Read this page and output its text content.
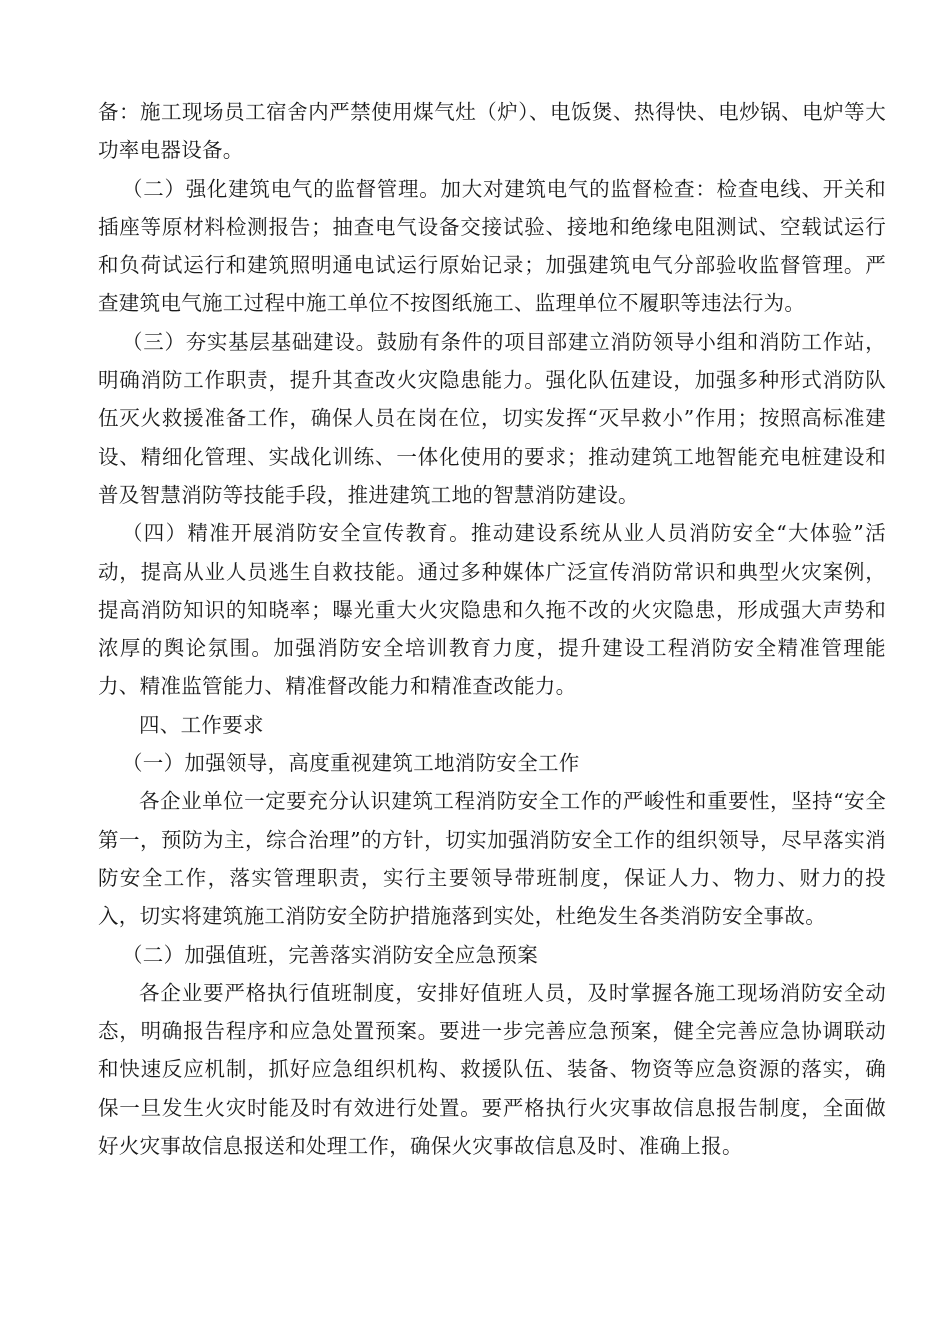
备：施工现场员工宿舍内严禁使用煤气灶（炉）、电饭煲、热得快、电炒锅、电炉等大功率电器设备。

（二）强化建筑电气的监督管理。加大对建筑电气的监督检查：检查电线、开关和插座等原材料检测报告；抽查电气设备交接试验、接地和绝缘电阻测试、空载试运行和负荷试运行和建筑照明通电试运行原始记录；加强建筑电气分部验收监督管理。严查建筑电气施工过程中施工单位不按图纸施工、监理单位不履职等违法行为。

（三）夯实基层基础建设。鼓励有条件的项目部建立消防领导小组和消防工作站，明确消防工作职责，提升其查改火灾隐患能力。强化队伍建设，加强多种形式消防队伍灭火救援准备工作，确保人员在岗在位，切实发挥“灭早救小”作用；按照高标准建设、精细化管理、实战化训练、一体化使用的要求；推动建筑工地智能充电桩建设和普及智慧消防等技能手段，推进建筑工地的智慧消防建设。

（四）精准开展消防安全宣传教育。推动建设系统从业人员消防安全“大体验”活动，提高从业人员逃生自救技能。通过多种媒体广泛宣传消防常识和典型火灾案例，提高消防知识的知晓率；曝光重大火灾隐患和久拖不改的火灾隐患，形成强大声势和浓厚的舆论氛围。加强消防安全培训教育力度，提升建设工程消防安全精准管理能力、精准监管能力、精准督改能力和精准查改能力。

四、工作要求

（一）加强领导，高度重视建筑工地消防安全工作

各企业单位一定要充分认识建筑工程消防安全工作的严峻性和重要性，坚持“安全第一，预防为主，综合治理”的方针，切实加强消防安全工作的组织领导，尽早落实消防安全工作，落实管理职责，实行主要领导带班制度，保证人力、物力、财力的投入，切实将建筑施工消防安全防护措施落到实处，杜绝发生各类消防安全事故。

（二）加强值班，完善落实消防安全应急预案

各企业要严格执行值班制度，安排好值班人员，及时掌握各施工现场消防安全动态，明确报告程序和应急处置预案。要进一步完善应急预案，健全完善应急协调联动和快速反应机制，抓好应急组织机构、救援队伍、装备、物资等应急资源的落实，确保一旦发生火灾时能及时有效进行处置。要严格执行火灾事故信息报告制度，全面做好火灾事故信息报送和处理工作，确保火灾事故信息及时、准确上报。
